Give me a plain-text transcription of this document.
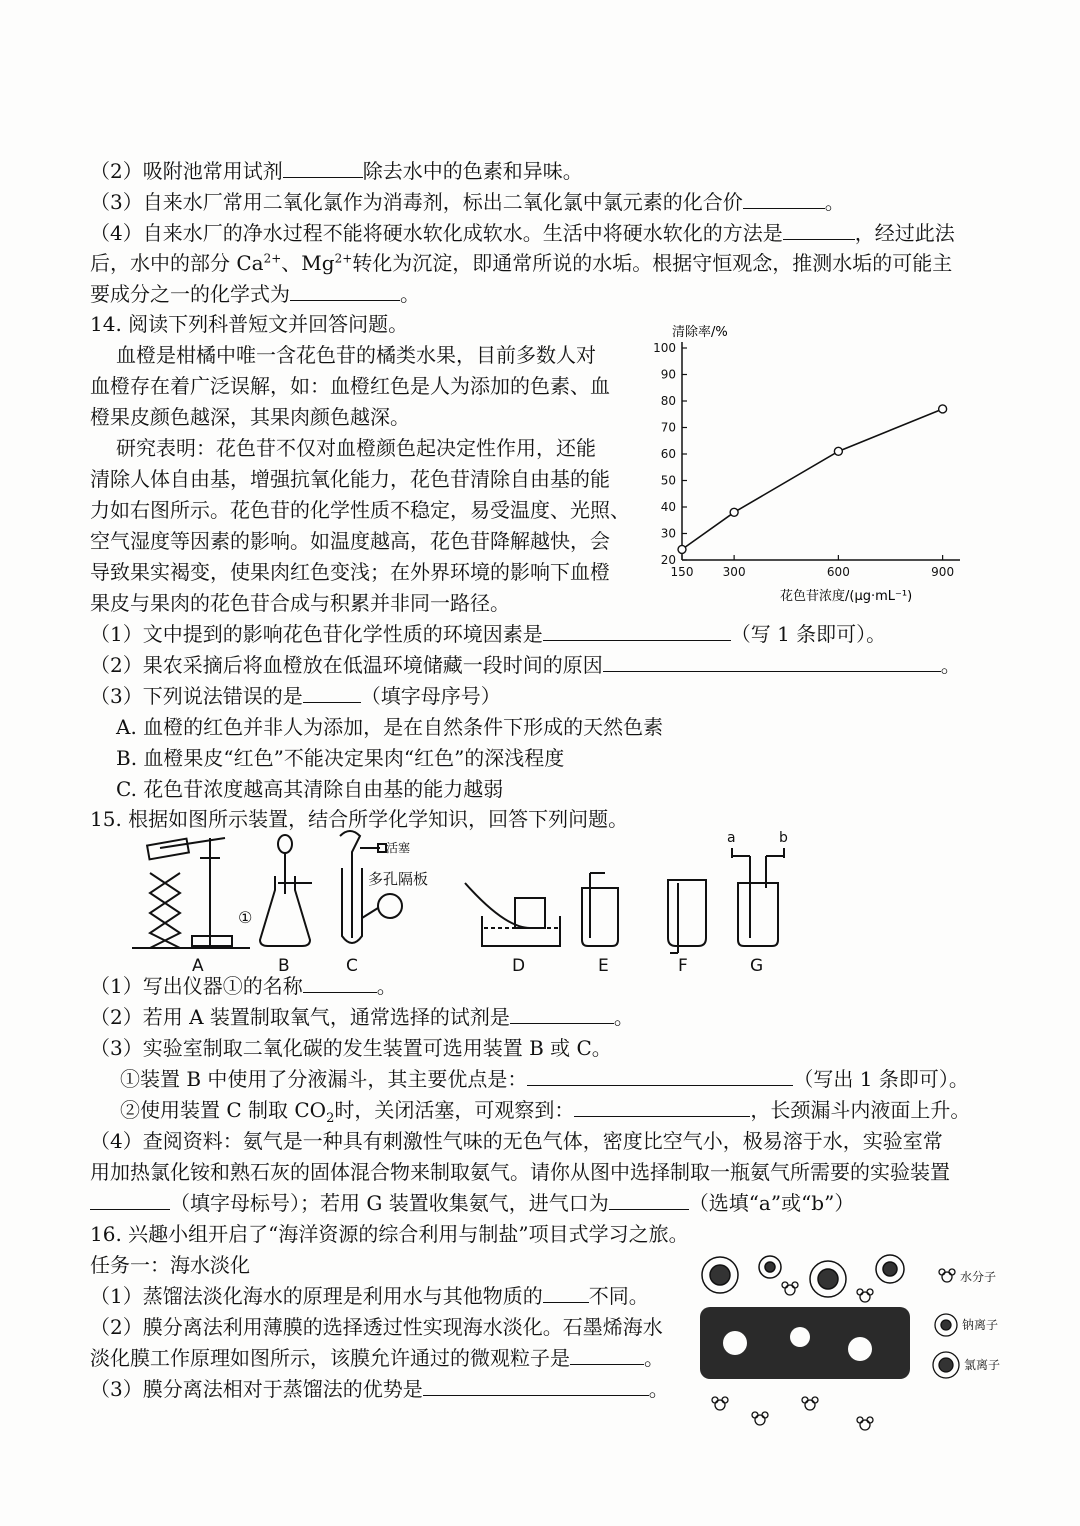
（2）吸附池常用试剂	除去水中的色素和异味。
（3）自来水厂常用二氧化氯作为消毒剂，标出二氧化氯中氯元素的化合价	。
（4）自来水厂的净水过程不能将硬水软化成软水。生活中将硬水软化的方法是	，经过此法
后，水中的部分 $Ca^{2+}$、$Mg^{2+}$转化为沉淀，即通常所说的水垢。根据守恒观念，推测水垢的可能主
要成分之一的化学式为	。
14. 阅读下列科普短文并回答问题。
血橙是柑橘中唯一含花色苷的橘类水果，目前多数人对
血橙存在着广泛误解，如：血橙红色是人为添加的色素、血
橙果皮颜色越深，其果肉颜色越深。
研究表明：花色苷不仅对血橙颜色起决定性作用，还能
清除人体自由基，增强抗氧化能力，花色苷清除自由基的能
力如右图所示。花色苷的化学性质不稳定，易受温度、光照、
空气湿度等因素的影响。如温度越高，花色苷降解越快，会
导致果实褐变，使果肉红色变浅；在外界环境的影响下血橙
果皮与果肉的花色苷合成与积累并非同一路径。
清除率/%
花色苷浓度/(μg·mL⁻¹)
20
30
40
50
60
70
80
90
100
150 300	600	900
（1）文中提到的影响花色苷化学性质的环境因素是	（写 1 条即可）。
（2）果农采摘后将血橙放在低温环境储藏一段时间的原因	。
（3）下列说法错误的是	（填字母序号）
A. 血橙的红色并非人为添加，是在自然条件下形成的天然色素
B. 血橙果皮“红色”不能决定果肉“红色”的深浅程度
C. 花色苷浓度越高其清除自由基的能力越弱
15. 根据如图所示装置，结合所学化学知识，回答下列问题。
A
①
B
活塞
多孔隔板
C	D	E	F
a	b
G
（1）写出仪器①的名称	。
（2）若用 A 装置制取氧气，通常选择的试剂是	。
（3）实验室制取二氧化碳的发生装置可选用装置 B 或 C。
①装置 B 中使用了分液漏斗，其主要优点是：	（写出 1 条即可）。
②使用装置 C 制取 $CO_2$时，关闭活塞，可观察到：	，长颈漏斗内液面上升。
（4）查阅资料：氨气是一种具有刺激性气味的无色气体，密度比空气小，极易溶于水，实验室常
用加热氯化铵和熟石灰的固体混合物来制取氨气。请你从图中选择制取一瓶氨气所需要的实验装置
（填字母标号）；若用 G 装置收集氨气，进气口为	（选填“a”或“b”）
16. 兴趣小组开启了“海洋资源的综合利用与制盐”项目式学习之旅。
任务一：海水淡化
（1）蒸馏法淡化海水的原理是利用水与其他物质的 不同。
（2）膜分离法利用薄膜的选择透过性实现海水淡化。石墨烯海水
淡化膜工作原理如图所示，该膜允许通过的微观粒子是	。
（3）膜分离法相对于蒸馏法的优势是	。
水分子
钠离子
氯离子
